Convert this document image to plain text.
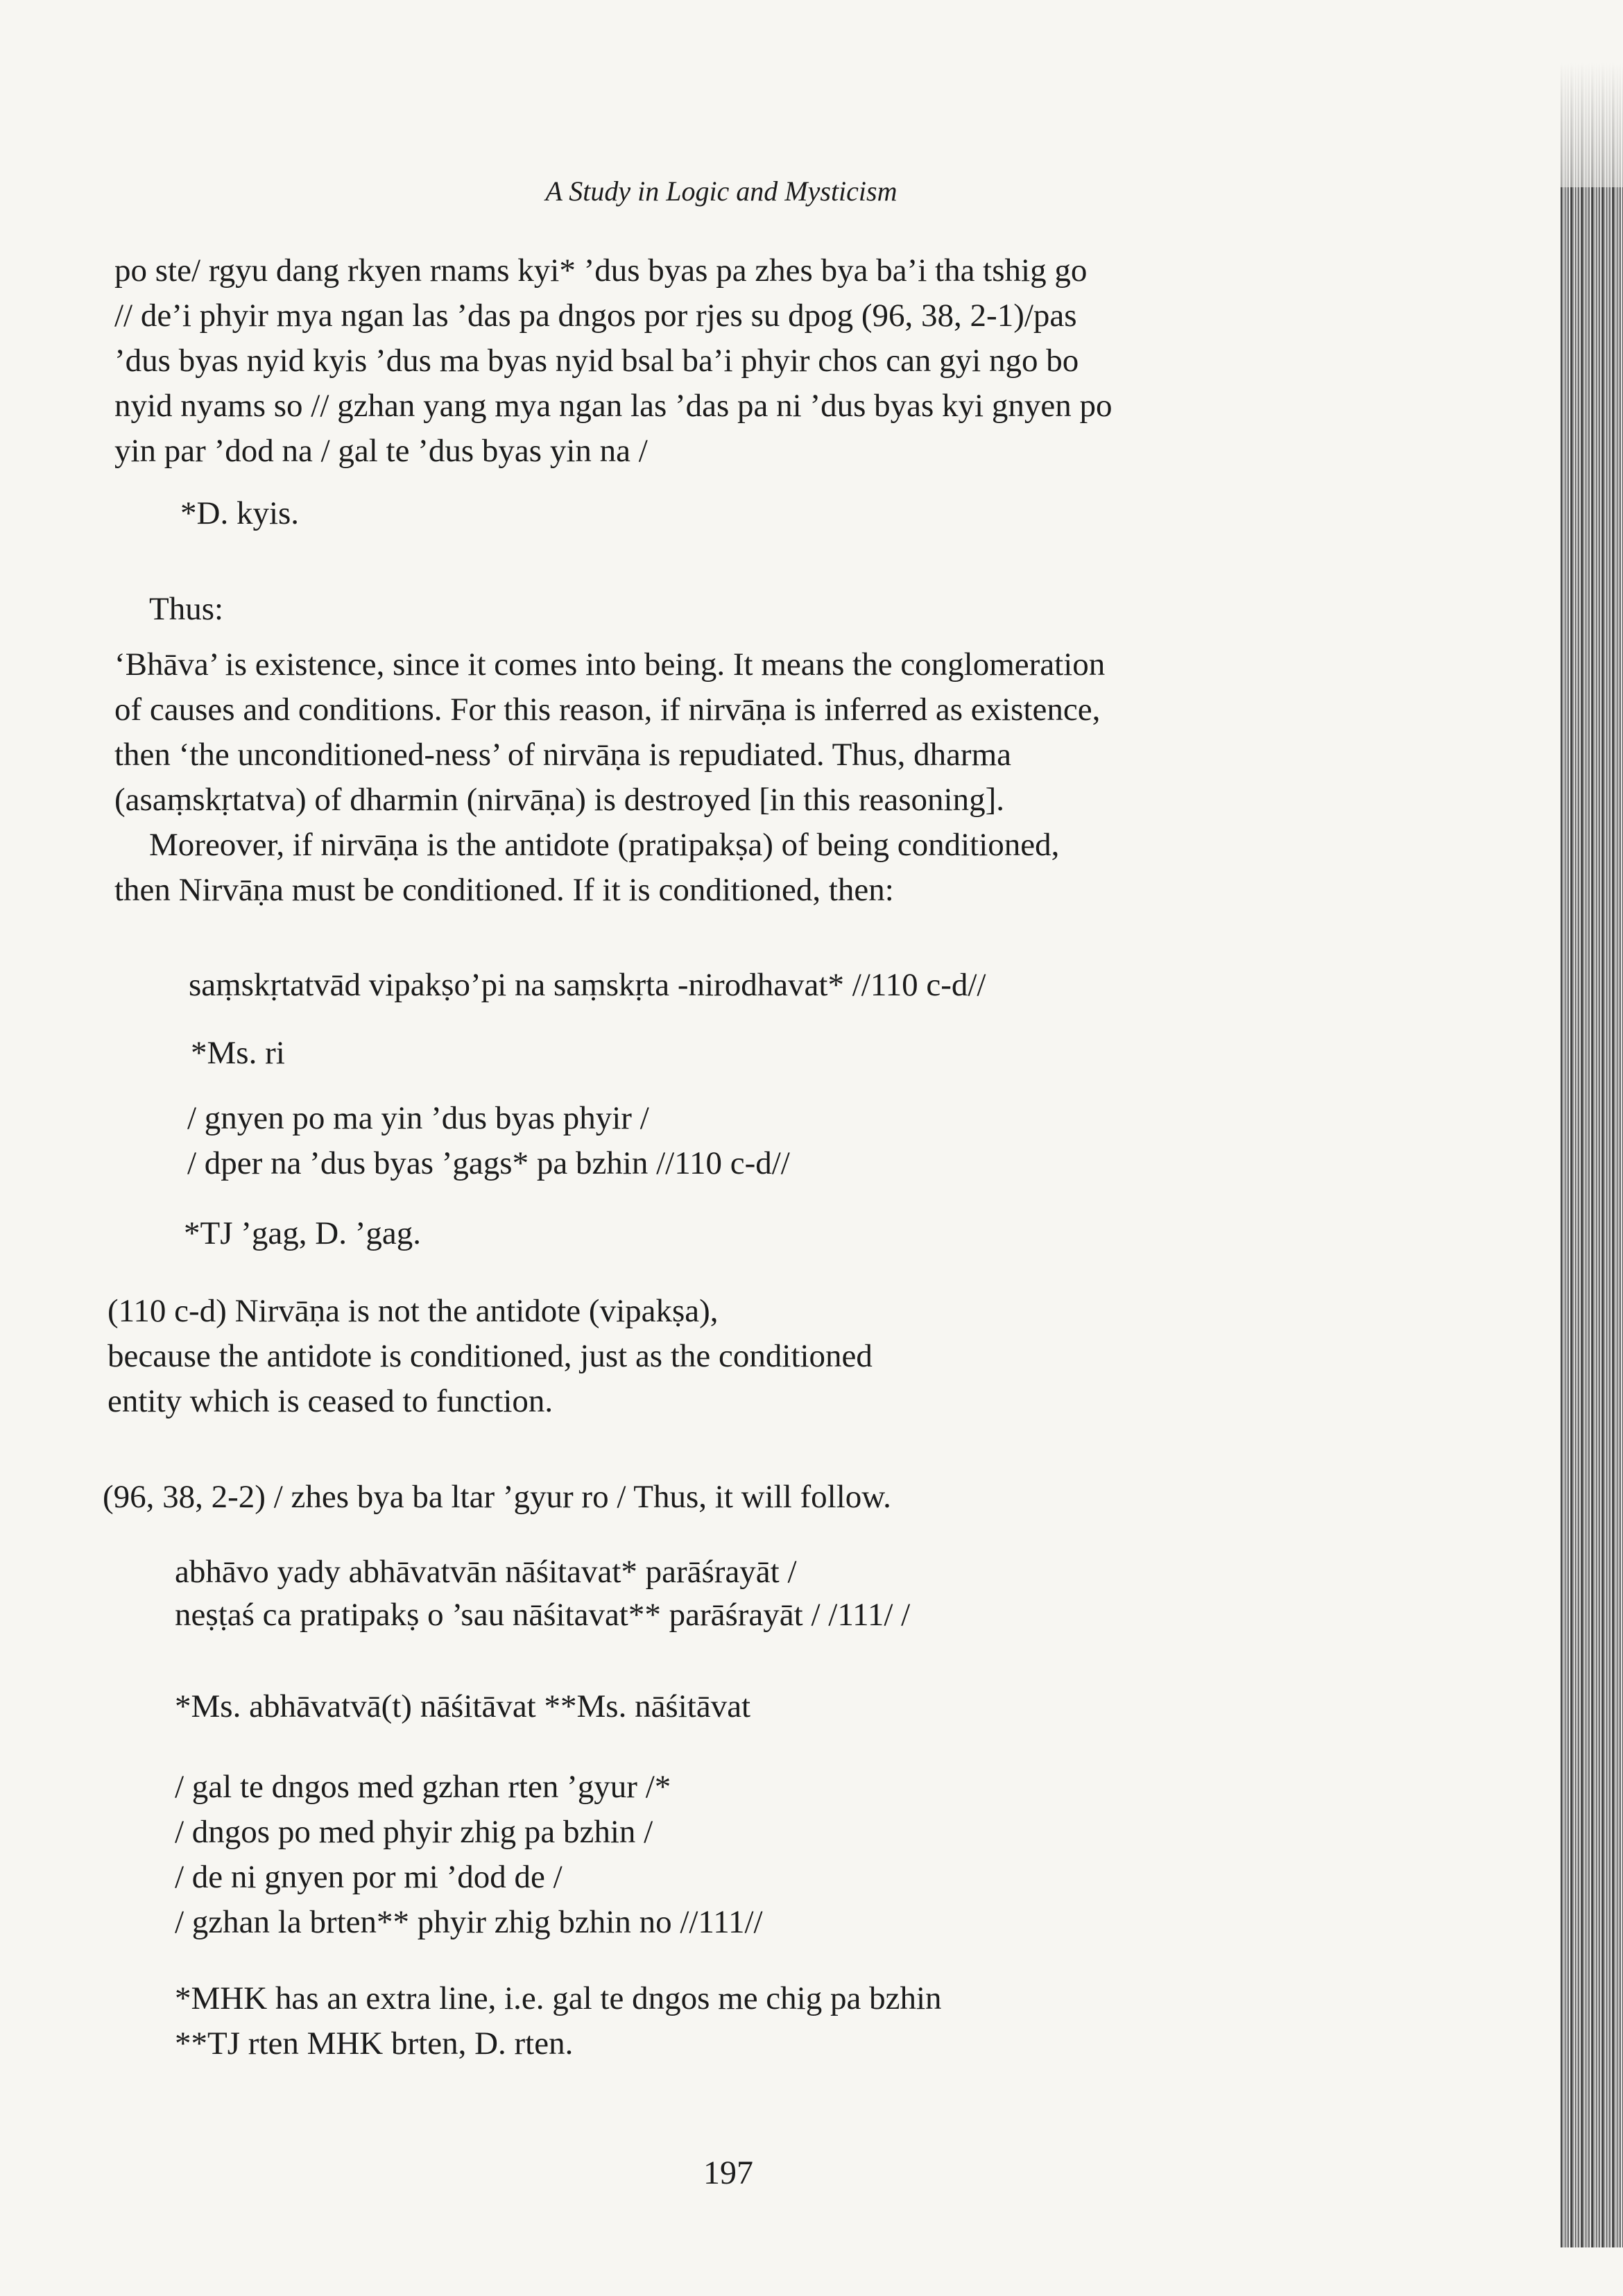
A Study in Logic and Mysticism
po ste/ rgyu dang rkyen rnams kyi* ’dus byas pa zhes bya ba’i tha tshig go
// de’i phyir mya ngan las ’das pa dngos por rjes su dpog (96, 38, 2-1)/pas
’dus byas nyid kyis ’dus ma byas nyid bsal ba’i phyir chos can gyi ngo bo
nyid nyams so // gzhan yang mya ngan las ’das pa ni ’dus byas kyi gnyen po
yin par ’dod na / gal te ’dus byas yin na /
*D. kyis.
Thus:
‘Bhāva’ is existence, since it comes into being. It means the conglomeration
of causes and conditions. For this reason, if nirvāṇa is inferred as existence,
then ‘the unconditioned-ness’ of nirvāṇa is repudiated. Thus, dharma
(asaṃskṛtatva) of dharmin (nirvāṇa) is destroyed [in this reasoning].
Moreover, if nirvāṇa is the antidote (pratipakṣa) of being conditioned,
then Nirvāṇa must be conditioned. If it is conditioned, then:
saṃskṛtatvād vipakṣo’pi na saṃskṛta -nirodhavat* //110 c-d//
*Ms. ri
/ gnyen po ma yin ’dus byas phyir /
/ dper na ’dus byas ’gags* pa bzhin //110 c-d//
*TJ ’gag, D. ’gag.
(110 c-d) Nirvāṇa is not the antidote (vipakṣa),
because the antidote is conditioned, just as the conditioned
entity which is ceased to function.
(96, 38, 2-2) / zhes bya ba ltar ’gyur ro / Thus, it will follow.
abhāvo yady abhāvatvān nāśitavat* parāśrayāt /
neṣṭaś ca pratipakṣ o ’sau nāśitavat** parāśrayāt / /111/ /
*Ms. abhāvatvā(t) nāśitāvat **Ms. nāśitāvat
/ gal te dngos med gzhan rten ’gyur /*
/ dngos po med phyir zhig pa bzhin /
/ de ni gnyen por mi ’dod de /
/ gzhan la brten** phyir zhig bzhin no //111//
*MHK has an extra line, i.e. gal te dngos me chig pa bzhin
**TJ rten MHK brten, D. rten.
197
